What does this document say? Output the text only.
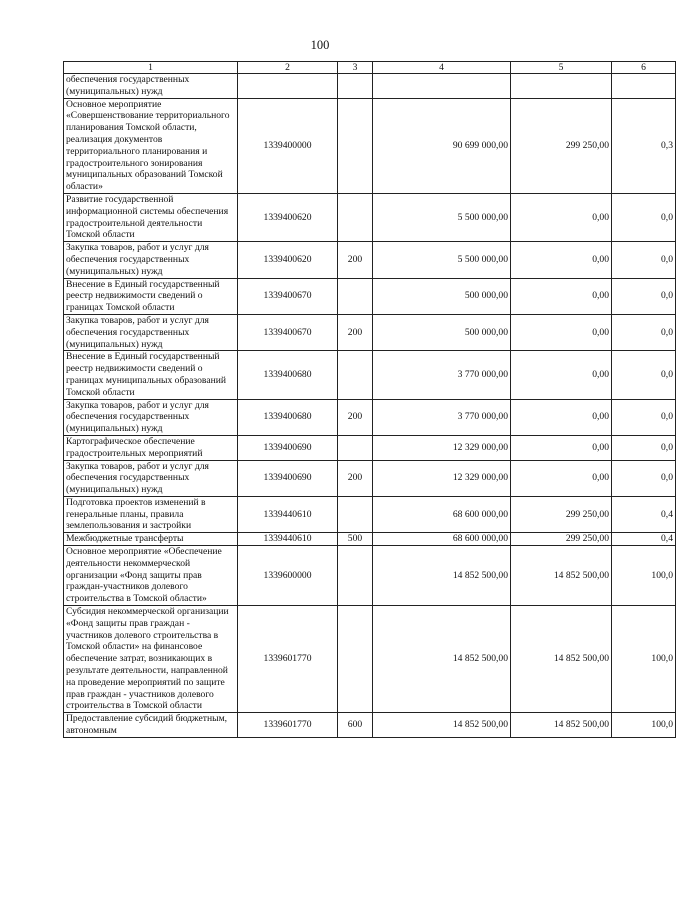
100
1	2	3	4	5	6
обеспечения государственных (муниципальных) нужд					
Основное мероприятие «Совершенствование территориального планирования Томской области, реализация документов территориального планирования и градостроительного зонирования муниципальных образований Томской области»	1339400000		90 699 000,00	299 250,00	0,3
Развитие государственной информационной системы обеспечения градостроительной деятельности Томской области	1339400620		5 500 000,00	0,00	0,0
Закупка товаров, работ и услуг для обеспечения государственных (муниципальных) нужд	1339400620	200	5 500 000,00	0,00	0,0
Внесение в Единый государственный реестр недвижимости сведений о границах Томской области	1339400670		500 000,00	0,00	0,0
Закупка товаров, работ и услуг для обеспечения государственных (муниципальных) нужд	1339400670	200	500 000,00	0,00	0,0
Внесение в Единый государственный реестр недвижимости сведений о границах муниципальных образований Томской области	1339400680		3 770 000,00	0,00	0,0
Закупка товаров, работ и услуг для обеспечения государственных (муниципальных) нужд	1339400680	200	3 770 000,00	0,00	0,0
Картографическое обеспечение градостроительных мероприятий	1339400690		12 329 000,00	0,00	0,0
Закупка товаров, работ и услуг для обеспечения государственных (муниципальных) нужд	1339400690	200	12 329 000,00	0,00	0,0
Подготовка проектов изменений в генеральные планы, правила землепользования и застройки	1339440610		68 600 000,00	299 250,00	0,4
Межбюджетные трансферты	1339440610	500	68 600 000,00	299 250,00	0,4
Основное мероприятие «Обеспечение деятельности некоммерческой организации «Фонд защиты прав граждан-участников долевого строительства в Томской области»	1339600000		14 852 500,00	14 852 500,00	100,0
Субсидия некоммерческой организации «Фонд защиты прав граждан - участников долевого строительства в Томской области» на финансовое обеспечение затрат, возникающих в результате деятельности, направленной на проведение мероприятий по защите прав граждан - участников долевого строительства в Томской области	1339601770		14 852 500,00	14 852 500,00	100,0
Предоставление субсидий бюджетным, автономным	1339601770	600	14 852 500,00	14 852 500,00	100,0
